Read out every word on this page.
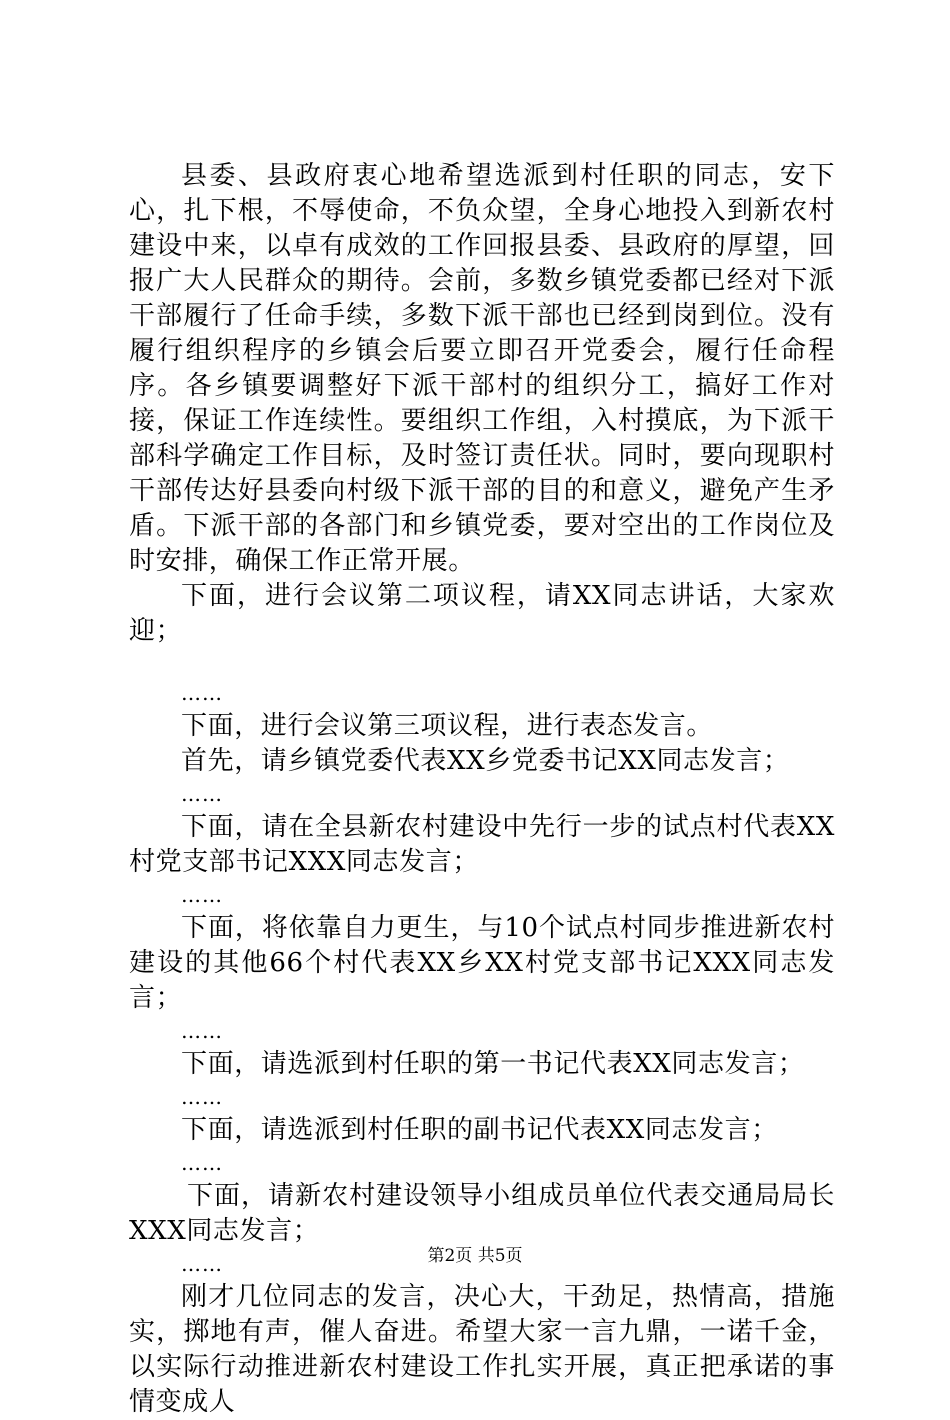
县委、县政府衷心地希望选派到村任职的同志，安下心，扎下根，不辱使命，不负众望，全身心地投入到新农村建设中来，以卓有成效的工作回报县委、县政府的厚望，回报广大人民群众的期待。会前，多数乡镇党委都已经对下派干部履行了任命手续，多数下派干部也已经到岗到位。没有履行组织程序的乡镇会后要立即召开党委会，履行任命程序。各乡镇要调整好下派干部村的组织分工，搞好工作对接，保证工作连续性。要组织工作组，入村摸底，为下派干部科学确定工作目标，及时签订责任状。同时，要向现职村干部传达好县委向村级下派干部的目的和意义，避免产生矛盾。下派干部的各部门和乡镇党委，要对空出的工作岗位及时安排，确保工作正常开展。

下面，进行会议第二项议程，请XX同志讲话，大家欢迎；

……

下面，进行会议第三项议程，进行表态发言。

首先，请乡镇党委代表XX乡党委书记XX同志发言；

……

下面，请在全县新农村建设中先行一步的试点村代表XX村党支部书记XXX同志发言；

……

下面，将依靠自力更生，与10个试点村同步推进新农村建设的其他66个村代表XX乡XX村党支部书记XXX同志发言；

……

下面，请选派到村任职的第一书记代表XX同志发言；

……

下面，请选派到村任职的副书记代表XX同志发言；

……

下面，请新农村建设领导小组成员单位代表交通局局长XXX同志发言；

……

刚才几位同志的发言，决心大，干劲足，热情高，措施实，掷地有声，催人奋进。希望大家一言九鼎，一诺千金，以实际行动推进新农村建设工作扎实开展，真正把承诺的事情变成人

第2页 共5页
